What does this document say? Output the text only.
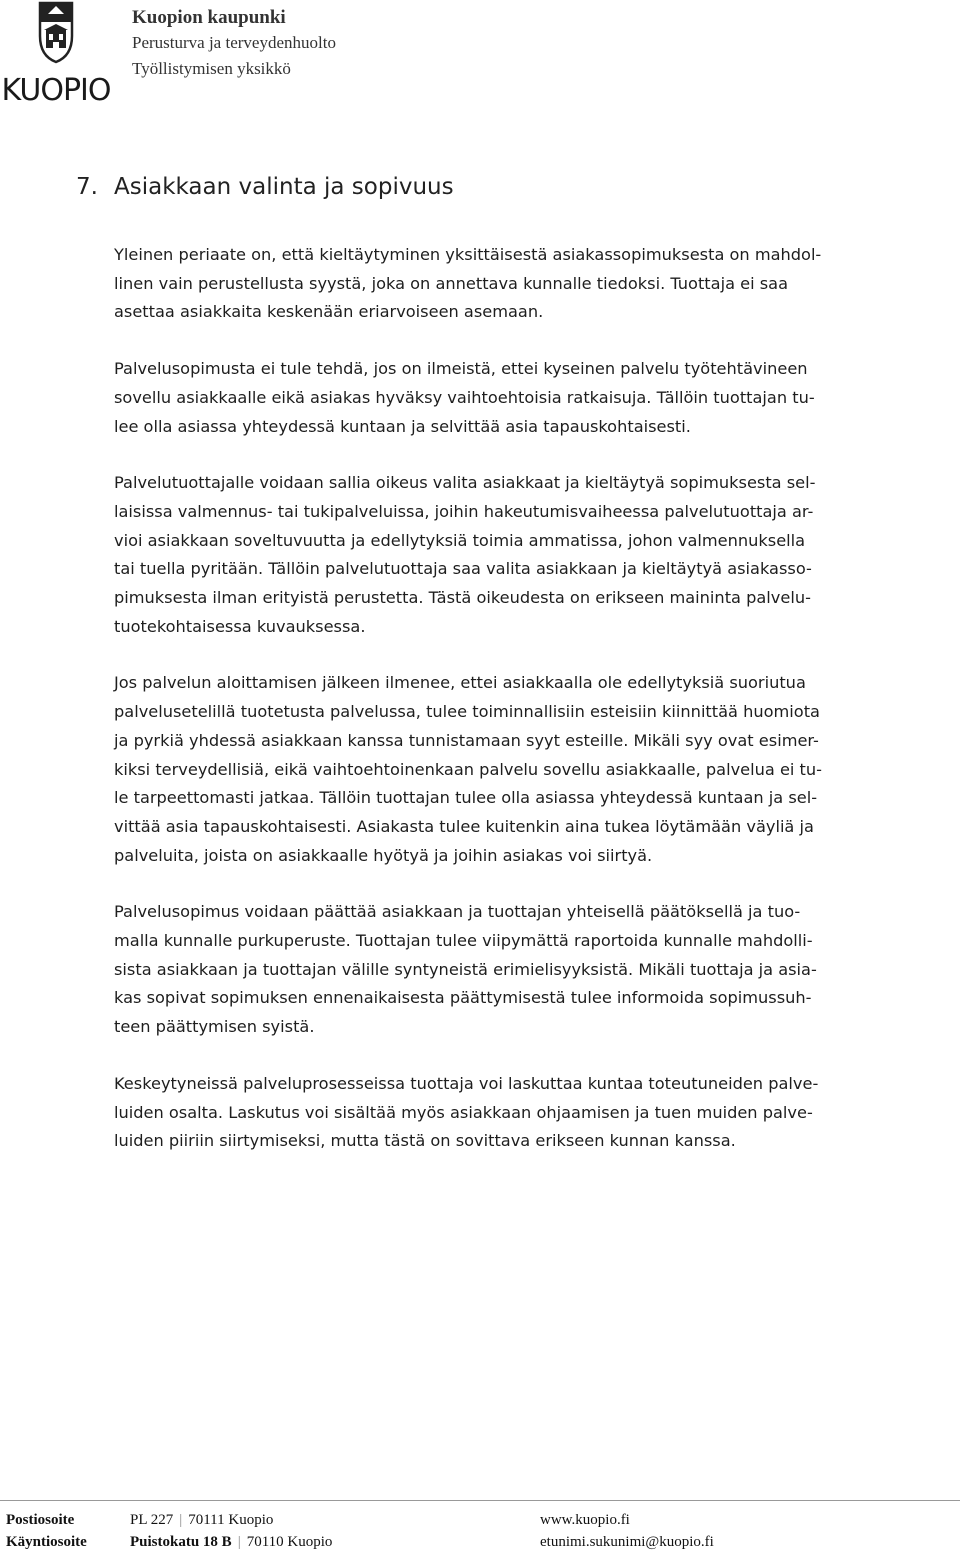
KUOPIO
Kuopion kaupunki
Perusturva ja terveydenhuolto
Työllistymisen yksikkö
7. Asiakkaan valinta ja sopivuus
Yleinen periaate on, että kieltäytyminen yksittäisestä asiakassopimuksesta on mahdol-
linen vain perustellusta syystä, joka on annettava kunnalle tiedoksi. Tuottaja ei saa
asettaa asiakkaita keskenään eriarvoiseen asemaan.
Palvelusopimusta ei tule tehdä, jos on ilmeistä, ettei kyseinen palvelu työtehtävineen
sovellu asiakkaalle eikä asiakas hyväksy vaihtoehtoisia ratkaisuja. Tällöin tuottajan tu-
lee olla asiassa yhteydessä kuntaan ja selvittää asia tapauskohtaisesti.
Palvelutuottajalle voidaan sallia oikeus valita asiakkaat ja kieltäytyä sopimuksesta sel-
laisissa valmennus- tai tukipalveluissa, joihin hakeutumisvaiheessa palvelutuottaja ar-
vioi asiakkaan soveltuvuutta ja edellytyksiä toimia ammatissa, johon valmennuksella
tai tuella pyritään. Tällöin palvelutuottaja saa valita asiakkaan ja kieltäytyä asiakasso-
pimuksesta ilman erityistä perustetta. Tästä oikeudesta on erikseen maininta palvelu-
tuotekohtaisessa kuvauksessa.
Jos palvelun aloittamisen jälkeen ilmenee, ettei asiakkaalla ole edellytyksiä suoriutua
palvelusetelillä tuotetusta palvelussa, tulee toiminnallisiin esteisiin kiinnittää huomiota
ja pyrkiä yhdessä asiakkaan kanssa tunnistamaan syyt esteille. Mikäli syy ovat esimer-
kiksi terveydellisiä, eikä vaihtoehtoinenkaan palvelu sovellu asiakkaalle, palvelua ei tu-
le tarpeettomasti jatkaa. Tällöin tuottajan tulee olla asiassa yhteydessä kuntaan ja sel-
vittää asia tapauskohtaisesti. Asiakasta tulee kuitenkin aina tukea löytämään väyliä ja
palveluita, joista on asiakkaalle hyötyä ja joihin asiakas voi siirtyä.
Palvelusopimus voidaan päättää asiakkaan ja tuottajan yhteisellä päätöksellä ja tuo-
malla kunnalle purkuperuste. Tuottajan tulee viipymättä raportoida kunnalle mahdolli-
sista asiakkaan ja tuottajan välille syntyneistä erimielisyyksistä. Mikäli tuottaja ja asia-
kas sopivat sopimuksen ennenaikaisesta päättymisestä tulee informoida sopimussuh-
teen päättymisen syistä.
Keskeytyneissä palveluprosesseissa tuottaja voi laskuttaa kuntaa toteutuneiden palve-
luiden osalta. Laskutus voi sisältää myös asiakkaan ohjaamisen ja tuen muiden palve-
luiden piiriin siirtymiseksi, mutta tästä on sovittava erikseen kunnan kanssa.
Postiosoite	PL 227 | 70111 Kuopio	www.kuopio.fi
Käyntiosoite	Puistokatu 18 B | 70110 Kuopio	etunimi.sukunimi@kuopio.fi
